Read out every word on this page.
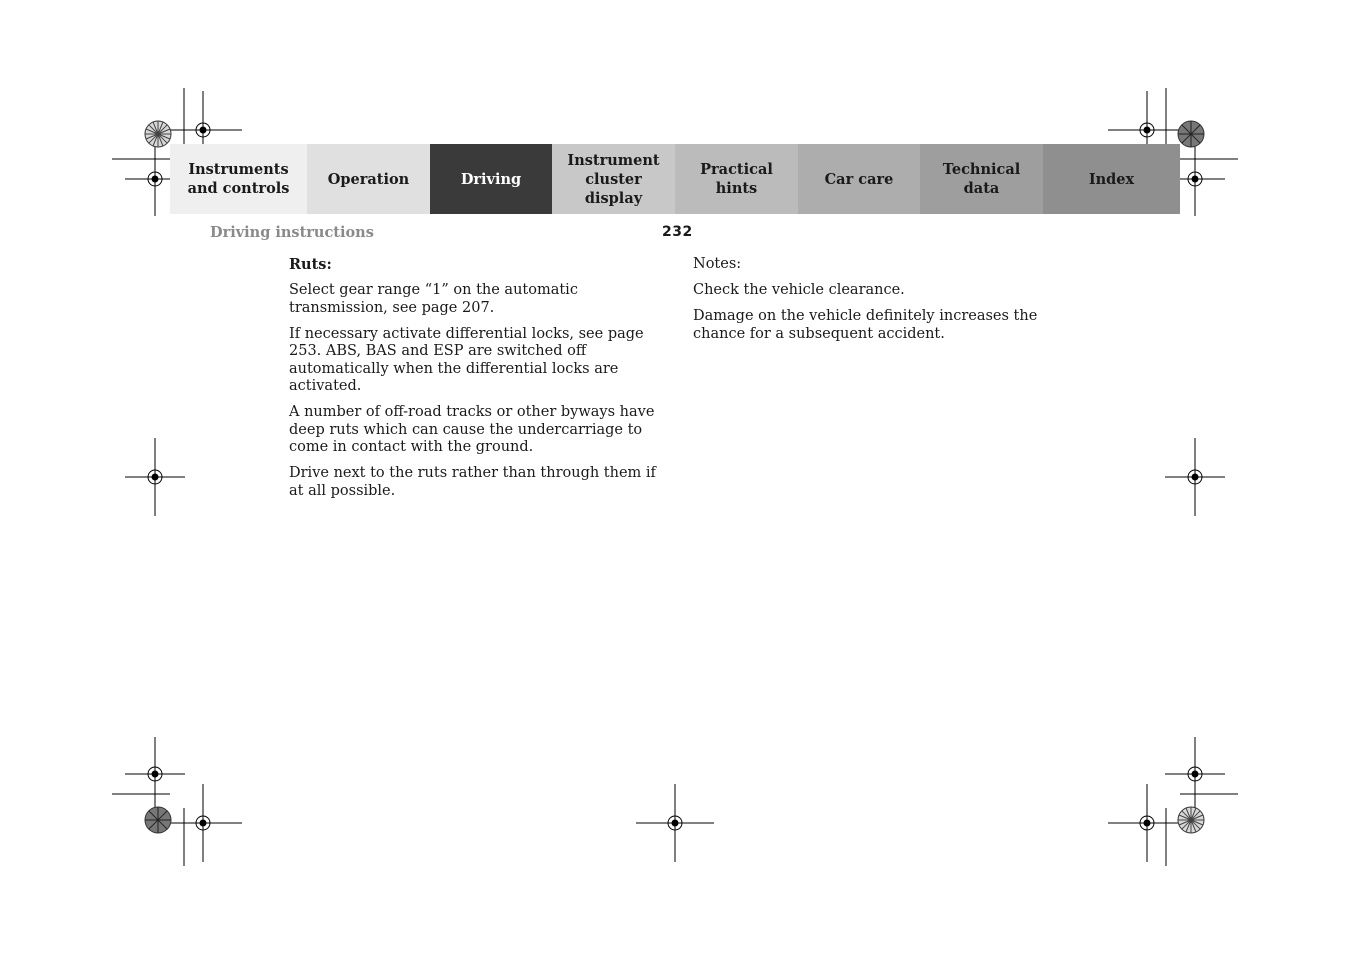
Instruments
and controls
Operation	Driving
Instrument
cluster display
Practical hints
Car care
Technical
data
Index
Driving instructions	232

Ruts:

Select gear range “1” on the automatic transmission, see page 207.

If necessary activate differential locks, see page 253. ABS, BAS and ESP are switched off automatically when the differential locks are activated.

A number of off-road tracks or other byways have deep ruts which can cause the undercarriage to come in contact with the ground.

Drive next to the ruts rather than through them if at all possible.

Notes:

Check the vehicle clearance.

Damage on the vehicle definitely increases the chance for a subsequent accident.
